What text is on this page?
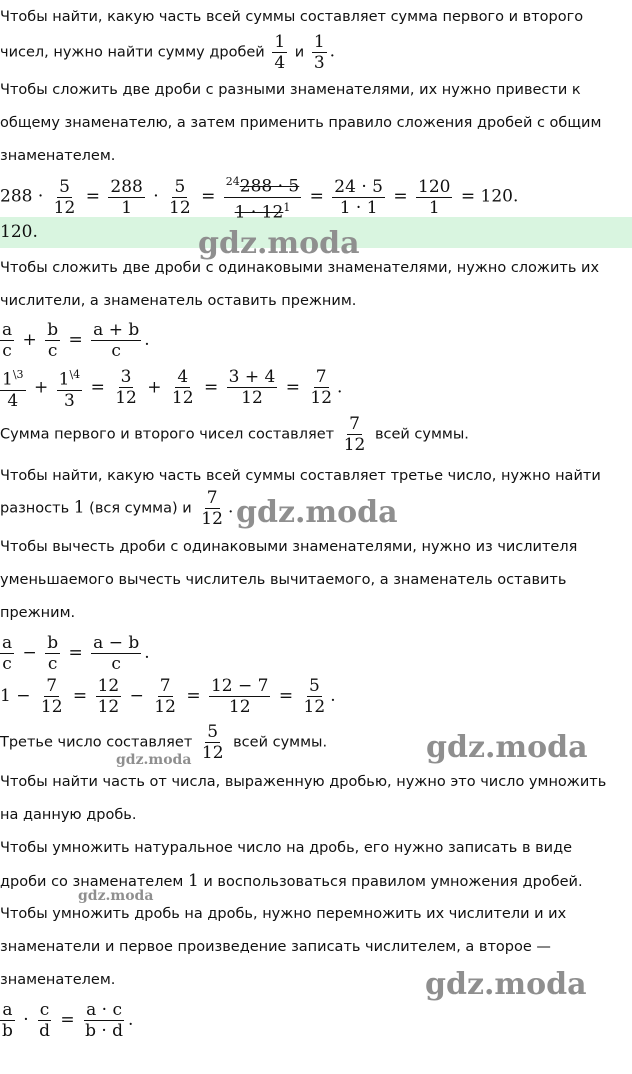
Чтобы найти, какую часть всей суммы составляет сумма первого и второго
чисел, нужно найти сумму дробей $\frac{1}{4}$ и $\frac{1}{3}$ .
Чтобы сложить две дроби с разными знаменателями, их нужно привести к
общему знаменателю, а затем применить правило сложения дробей с общим
знаменателем.
$288 \cdot \frac{5}{12} = \frac{288}{1} \cdot \frac{5}{12} = \frac{^{24}288 \cdot 5}{1 \cdot 12^1} = \frac{24 \cdot 5}{1 \cdot 1} = \frac{120}{1} = 120$.
120.
Чтобы сложить две дроби с одинаковыми знаменателями, нужно сложить их
числители, а знаменатель оставить прежним.
$\frac{a}{c} + \frac{b}{c} = \frac{a + b}{c}$ .
$\frac{1^{\backslash 3}}{4} + \frac{1^{\backslash 4}}{3} = \frac{3}{12} + \frac{4}{12} = \frac{3 + 4}{12} = \frac{7}{12}$ .
Сумма первого и второго чисел составляет $\frac{7}{12}$ всей суммы.
Чтобы найти, какую часть всей суммы составляет третье число, нужно найти
разность 1 (вся сумма) и $\frac{7}{12}$ .
Чтобы вычесть дроби с одинаковыми знаменателями, нужно из числителя
уменьшаемого вычесть числитель вычитаемого, а знаменатель оставить
прежним.
$\frac{a}{c} - \frac{b}{c} = \frac{a - b}{c}$ .
$1 - \frac{7}{12} = \frac{12}{12} - \frac{7}{12} = \frac{12 - 7}{12} = \frac{5}{12}$ .
Третье число составляет $\frac{5}{12}$ всей суммы.
Чтобы найти часть от числа, выраженную дробью, нужно это число умножить
на данную дробь.
Чтобы умножить натуральное число на дробь, его нужно записать в виде
дроби со знаменателем 1 и воспользоваться правилом умножения дробей.
Чтобы умножить дробь на дробь, нужно перемножить их числители и их
знаменатели и первое произведение записать числителем, а второе —
знаменателем.
$\frac{a}{b} \cdot \frac{c}{d} = \frac{a \cdot c}{b \cdot d}$ .
gdz.moda
gdz.moda
gdz.moda
gdz.moda
gdz.moda
gdz.moda
